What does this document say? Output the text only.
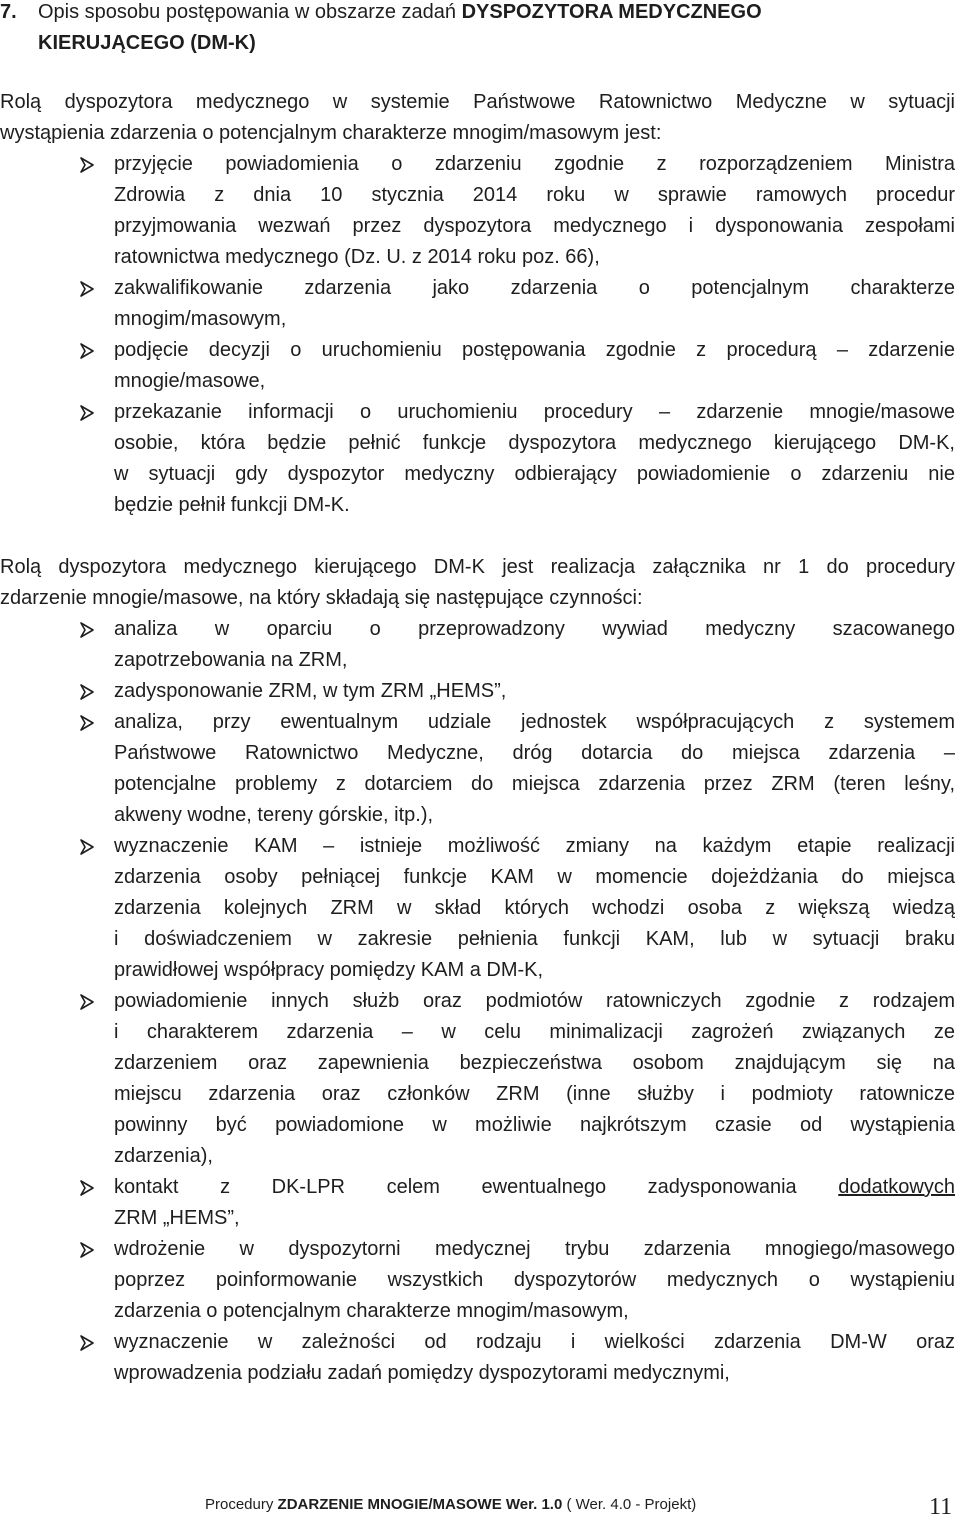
7. Opis sposobu postępowania w obszarze zadań DYSPOZYTORA MEDYCZNEGO

KIERUJĄCEGO (DM-K)

Rolą dyspozytora medycznego w systemie Państwowe Ratownictwo Medyczne w sytuacji

wystąpienia zdarzenia o potencjalnym charakterze mnogim/masowym jest:

przyjęcie powiadomienia o zdarzeniu zgodnie z rozporządzeniem Ministra

Zdrowia z dnia 10 stycznia 2014 roku w sprawie ramowych procedur

przyjmowania wezwań przez dyspozytora medycznego i dysponowania zespołami

ratownictwa medycznego (Dz. U. z 2014 roku poz. 66),

zakwalifikowanie zdarzenia jako zdarzenia o potencjalnym charakterze

mnogim/masowym,

podjęcie decyzji o uruchomieniu postępowania zgodnie z procedurą – zdarzenie

mnogie/masowe,

przekazanie informacji o uruchomieniu procedury – zdarzenie mnogie/masowe

osobie, która będzie pełnić funkcje dyspozytora medycznego kierującego DM-K,

w sytuacji gdy dyspozytor medyczny odbierający powiadomienie o zdarzeniu nie

będzie pełnił funkcji DM-K.

Rolą dyspozytora medycznego kierującego DM-K jest realizacja załącznika nr 1 do procedury

zdarzenie mnogie/masowe, na który składają się następujące czynności:

analiza w oparciu o przeprowadzony wywiad medyczny szacowanego

zapotrzebowania na ZRM,

zadysponowanie ZRM, w tym ZRM „HEMS”,

analiza, przy ewentualnym udziale jednostek współpracujących z systemem

Państwowe Ratownictwo Medyczne, dróg dotarcia do miejsca zdarzenia –

potencjalne problemy z dotarciem do miejsca zdarzenia przez ZRM (teren leśny,

akweny wodne, tereny górskie, itp.),

wyznaczenie KAM – istnieje możliwość zmiany na każdym etapie realizacji

zdarzenia osoby pełniącej funkcje KAM w momencie dojeżdżania do miejsca

zdarzenia kolejnych ZRM w skład których wchodzi osoba z większą wiedzą

i doświadczeniem w zakresie pełnienia funkcji KAM, lub w sytuacji braku

prawidłowej współpracy pomiędzy KAM a DM-K,

powiadomienie innych służb oraz podmiotów ratowniczych zgodnie z rodzajem

i charakterem zdarzenia – w celu minimalizacji zagrożeń związanych ze

zdarzeniem oraz zapewnienia bezpieczeństwa osobom znajdującym się na

miejscu zdarzenia oraz członków ZRM (inne służby i podmioty ratownicze

powinny być powiadomione w możliwie najkrótszym czasie od wystąpienia

zdarzenia),

kontakt z DK-LPR celem ewentualnego zadysponowania dodatkowych

ZRM „HEMS”,

wdrożenie w dyspozytorni medycznej trybu zdarzenia mnogiego/masowego

poprzez poinformowanie wszystkich dyspozytorów medycznych o wystąpieniu

zdarzenia o potencjalnym charakterze mnogim/masowym,

wyznaczenie w zależności od rodzaju i wielkości zdarzenia DM-W oraz

wprowadzenia podziału zadań pomiędzy dyspozytorami medycznymi,

Procedury ZDARZENIE MNOGIE/MASOWE Wer. 1.0 ( Wer. 4.0 - Projekt)	11
